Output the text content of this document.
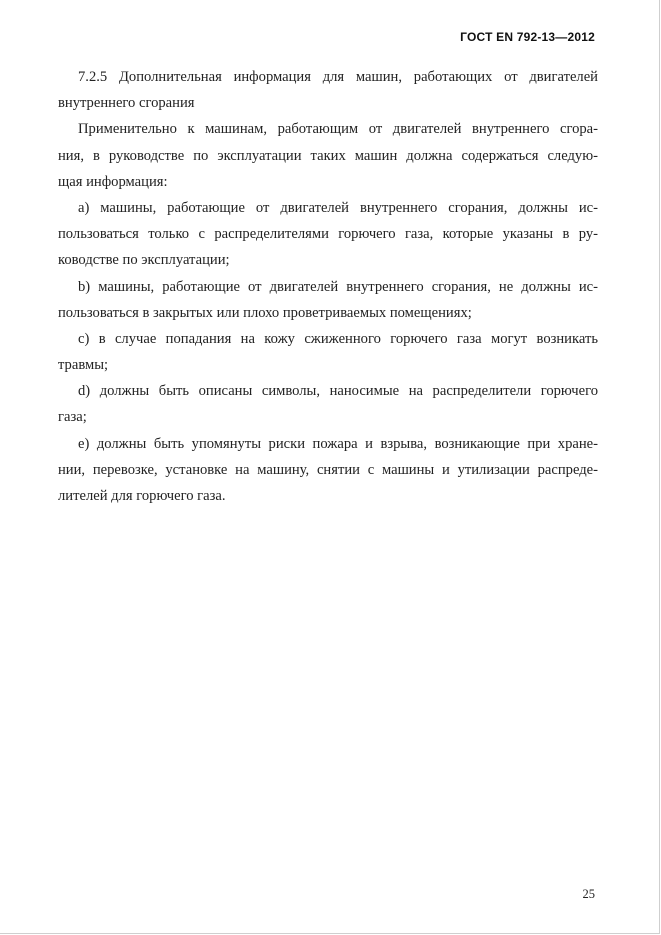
ГОСТ EN 792-13—2012
7.2.5 Дополнительная информация для машин, работающих от двигателей
внутреннего сгорания
Применительно к машинам, работающим от двигателей внутреннего сгора-
ния, в руководстве по эксплуатации таких машин должна содержаться следую-
щая информация:
a) машины, работающие от двигателей внутреннего сгорания, должны ис-
пользоваться только с распределителями горючего газа, которые указаны в ру-
ководстве по эксплуатации;
b) машины, работающие от двигателей внутреннего сгорания, не должны ис-
пользоваться в закрытых или плохо проветриваемых помещениях;
c) в случае попадания на кожу сжиженного горючего газа могут возникать
травмы;
d) должны быть описаны символы, наносимые на распределители горючего
газа;
e) должны быть упомянуты риски пожара и взрыва, возникающие при хране-
нии, перевозке, установке на машину, снятии с машины и утилизации распреде-
лителей для горючего газа.
25
